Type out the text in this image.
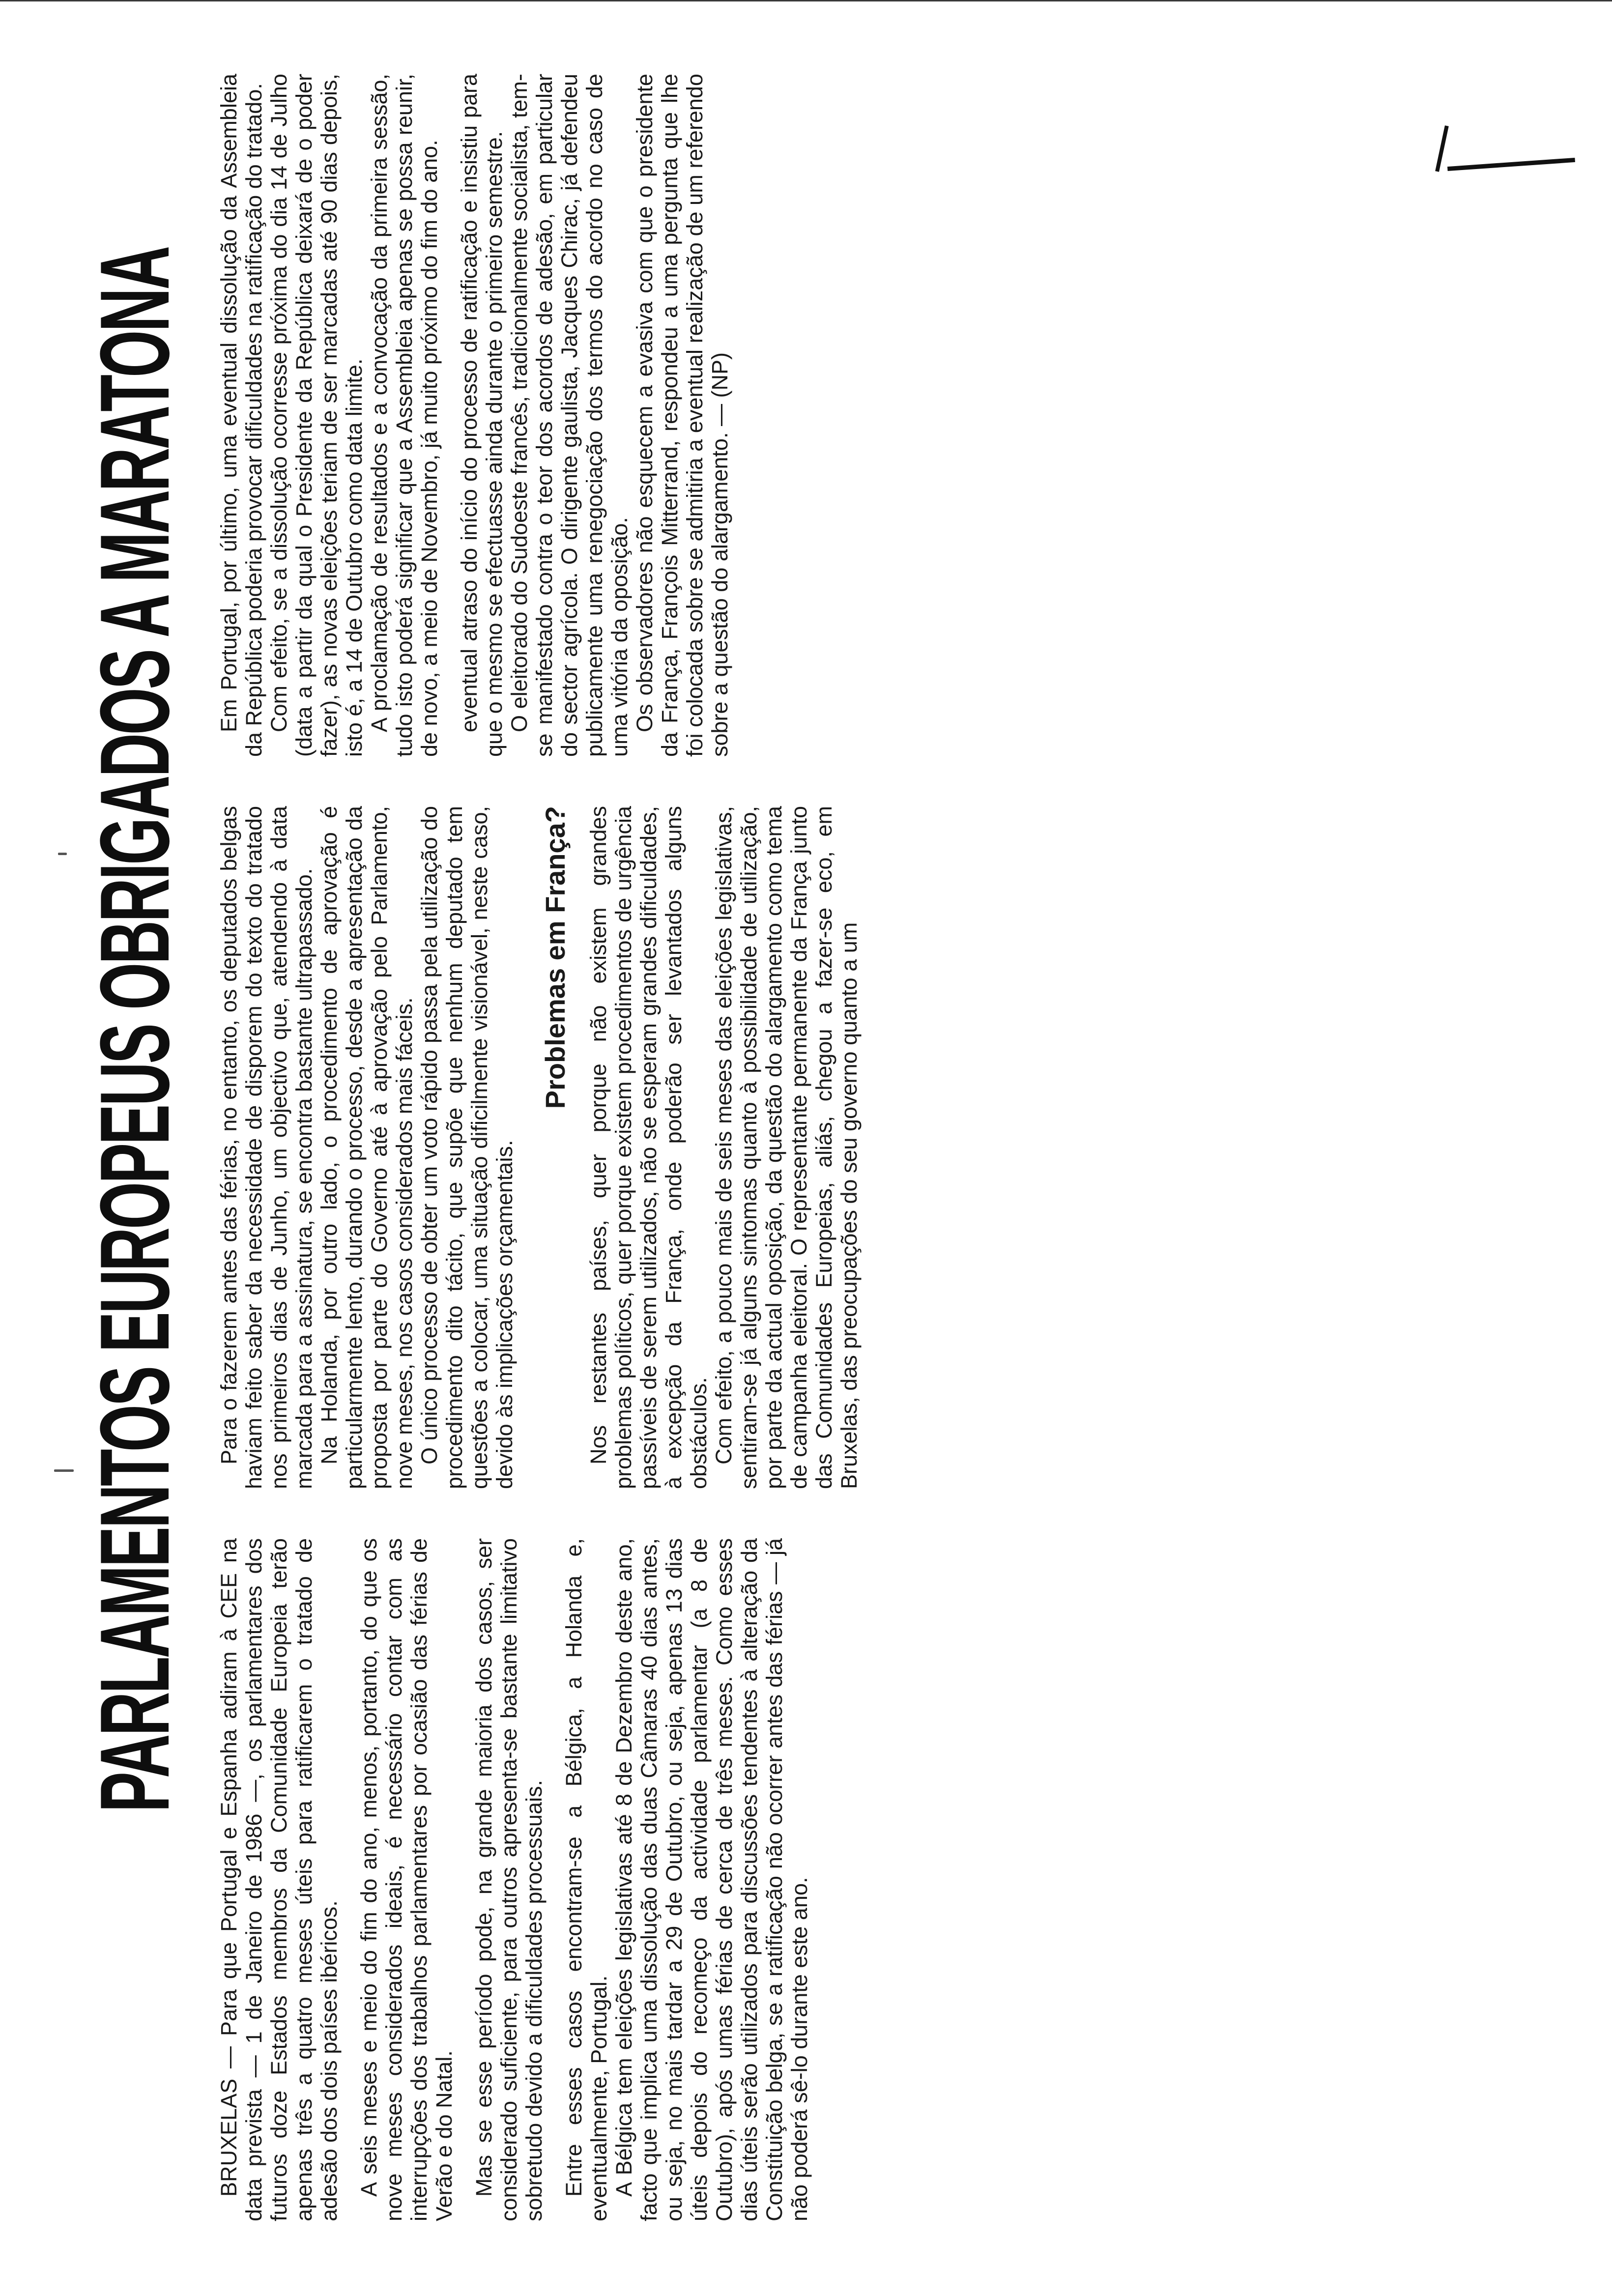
PARLAMENTOS EUROPEUS OBRIGADOS A MARATONA

BRUXELAS — Para que Portugal e Espanha adiram à CEE na data prevista — 1 de Janeiro de 1986 —, os parlamentares dos futuros doze Estados membros da Comunidade Europeia terão apenas três a quatro meses úteis para ratificarem o tratado de adesão dos dois países ibéricos. A seis meses e meio do fim do ano, menos, portanto, do que os nove meses considerados ideais, é necessário contar com as interrupções dos trabalhos parlamentares por ocasião das férias de Verão e do Natal. Mas se esse período pode, na grande maioria dos casos, ser considerado suficiente, para outros apresenta-se bastante limitativo sobretudo devido a dificuldades processuais. Entre esses casos encontram-se a Bélgica, a Holanda e, eventualmente, Portugal. A Bélgica tem eleições legislativas até 8 de Dezembro deste ano, facto que implica uma dissolução das duas Câmaras 40 dias antes, ou seja, no mais tardar a 29 de Outubro, ou seja, apenas 13 dias úteis depois do recomeço da actividade parlamentar (a 8 de Outubro), após umas férias de cerca de três meses. Como esses dias úteis serão utilizados para discussões tendentes à alteração da Constituição belga, se a ratificação não ocorrer antes das férias — já não poderá sê-lo durante este ano.

Para o fazerem antes das férias, no entanto, os deputados belgas haviam feito saber da necessidade de disporem do texto do tratado nos primeiros dias de Junho, um objectivo que, atendendo à data marcada para a assinatura, se encontra bastante ultrapassado. Na Holanda, por outro lado, o procedimento de aprovação é particularmente lento, durando o processo, desde a apresentação da proposta por parte do Governo até à aprovação pelo Parlamento, nove meses, nos casos considerados mais fáceis. O único processo de obter um voto rápido passa pela utilização do procedimento dito tácito, que supõe que nenhum deputado tem questões a colocar, uma situação dificilmente visionável, neste caso, devido às implicações orçamentais.

Problemas em França? Nos restantes países, quer porque não existem grandes problemas políticos, quer porque existem procedimentos de urgência passíveis de serem utilizados, não se esperam grandes dificuldades, à excepção da França, onde poderão ser levantados alguns obstáculos. Com efeito, a pouco mais de seis meses das eleições legislativas, sentiram-se já alguns sintomas quanto à possibilidade de utilização, por parte da actual oposição, da questão do alargamento como tema de campanha eleitoral. O representante permanente da França junto das Comunidades Europeias, aliás, chegou a fazer-se eco, em Bruxelas, das preocupações do seu governo quanto a um

Em Portugal, por último, uma eventual dissolução da Assembleia da República poderia provocar dificuldades na ratificação do tratado. Com efeito, se a dissolução ocorresse próxima do dia 14 de Julho (data a partir da qual o Presidente da República deixará de o poder fazer), as novas eleições teriam de ser marcadas até 90 dias depois, isto é, a 14 de Outubro como data limite. A proclamação de resultados e a convocação da primeira sessão, tudo isto poderá significar que a Assembleia apenas se possa reunir, de novo, a meio de Novembro, já muito próximo do fim do ano. eventual atraso do início do processo de ratificação e insistiu para que o mesmo se efectuasse ainda durante o primeiro semestre. O eleitorado do Sudoeste francês, tradicionalmente socialista, tem-se manifestado contra o teor dos acordos de adesão, em particular do sector agrícola. O dirigente gaulista, Jacques Chirac, já defendeu publicamente uma renegociação dos termos do acordo no caso de uma vitória da oposição. Os observadores não esquecem a evasiva com que o presidente da França, François Mitterrand, respondeu a uma pergunta que lhe foi colocada sobre se admitiria a eventual realização de um referendo sobre a questão do alargamento. — (NP)
